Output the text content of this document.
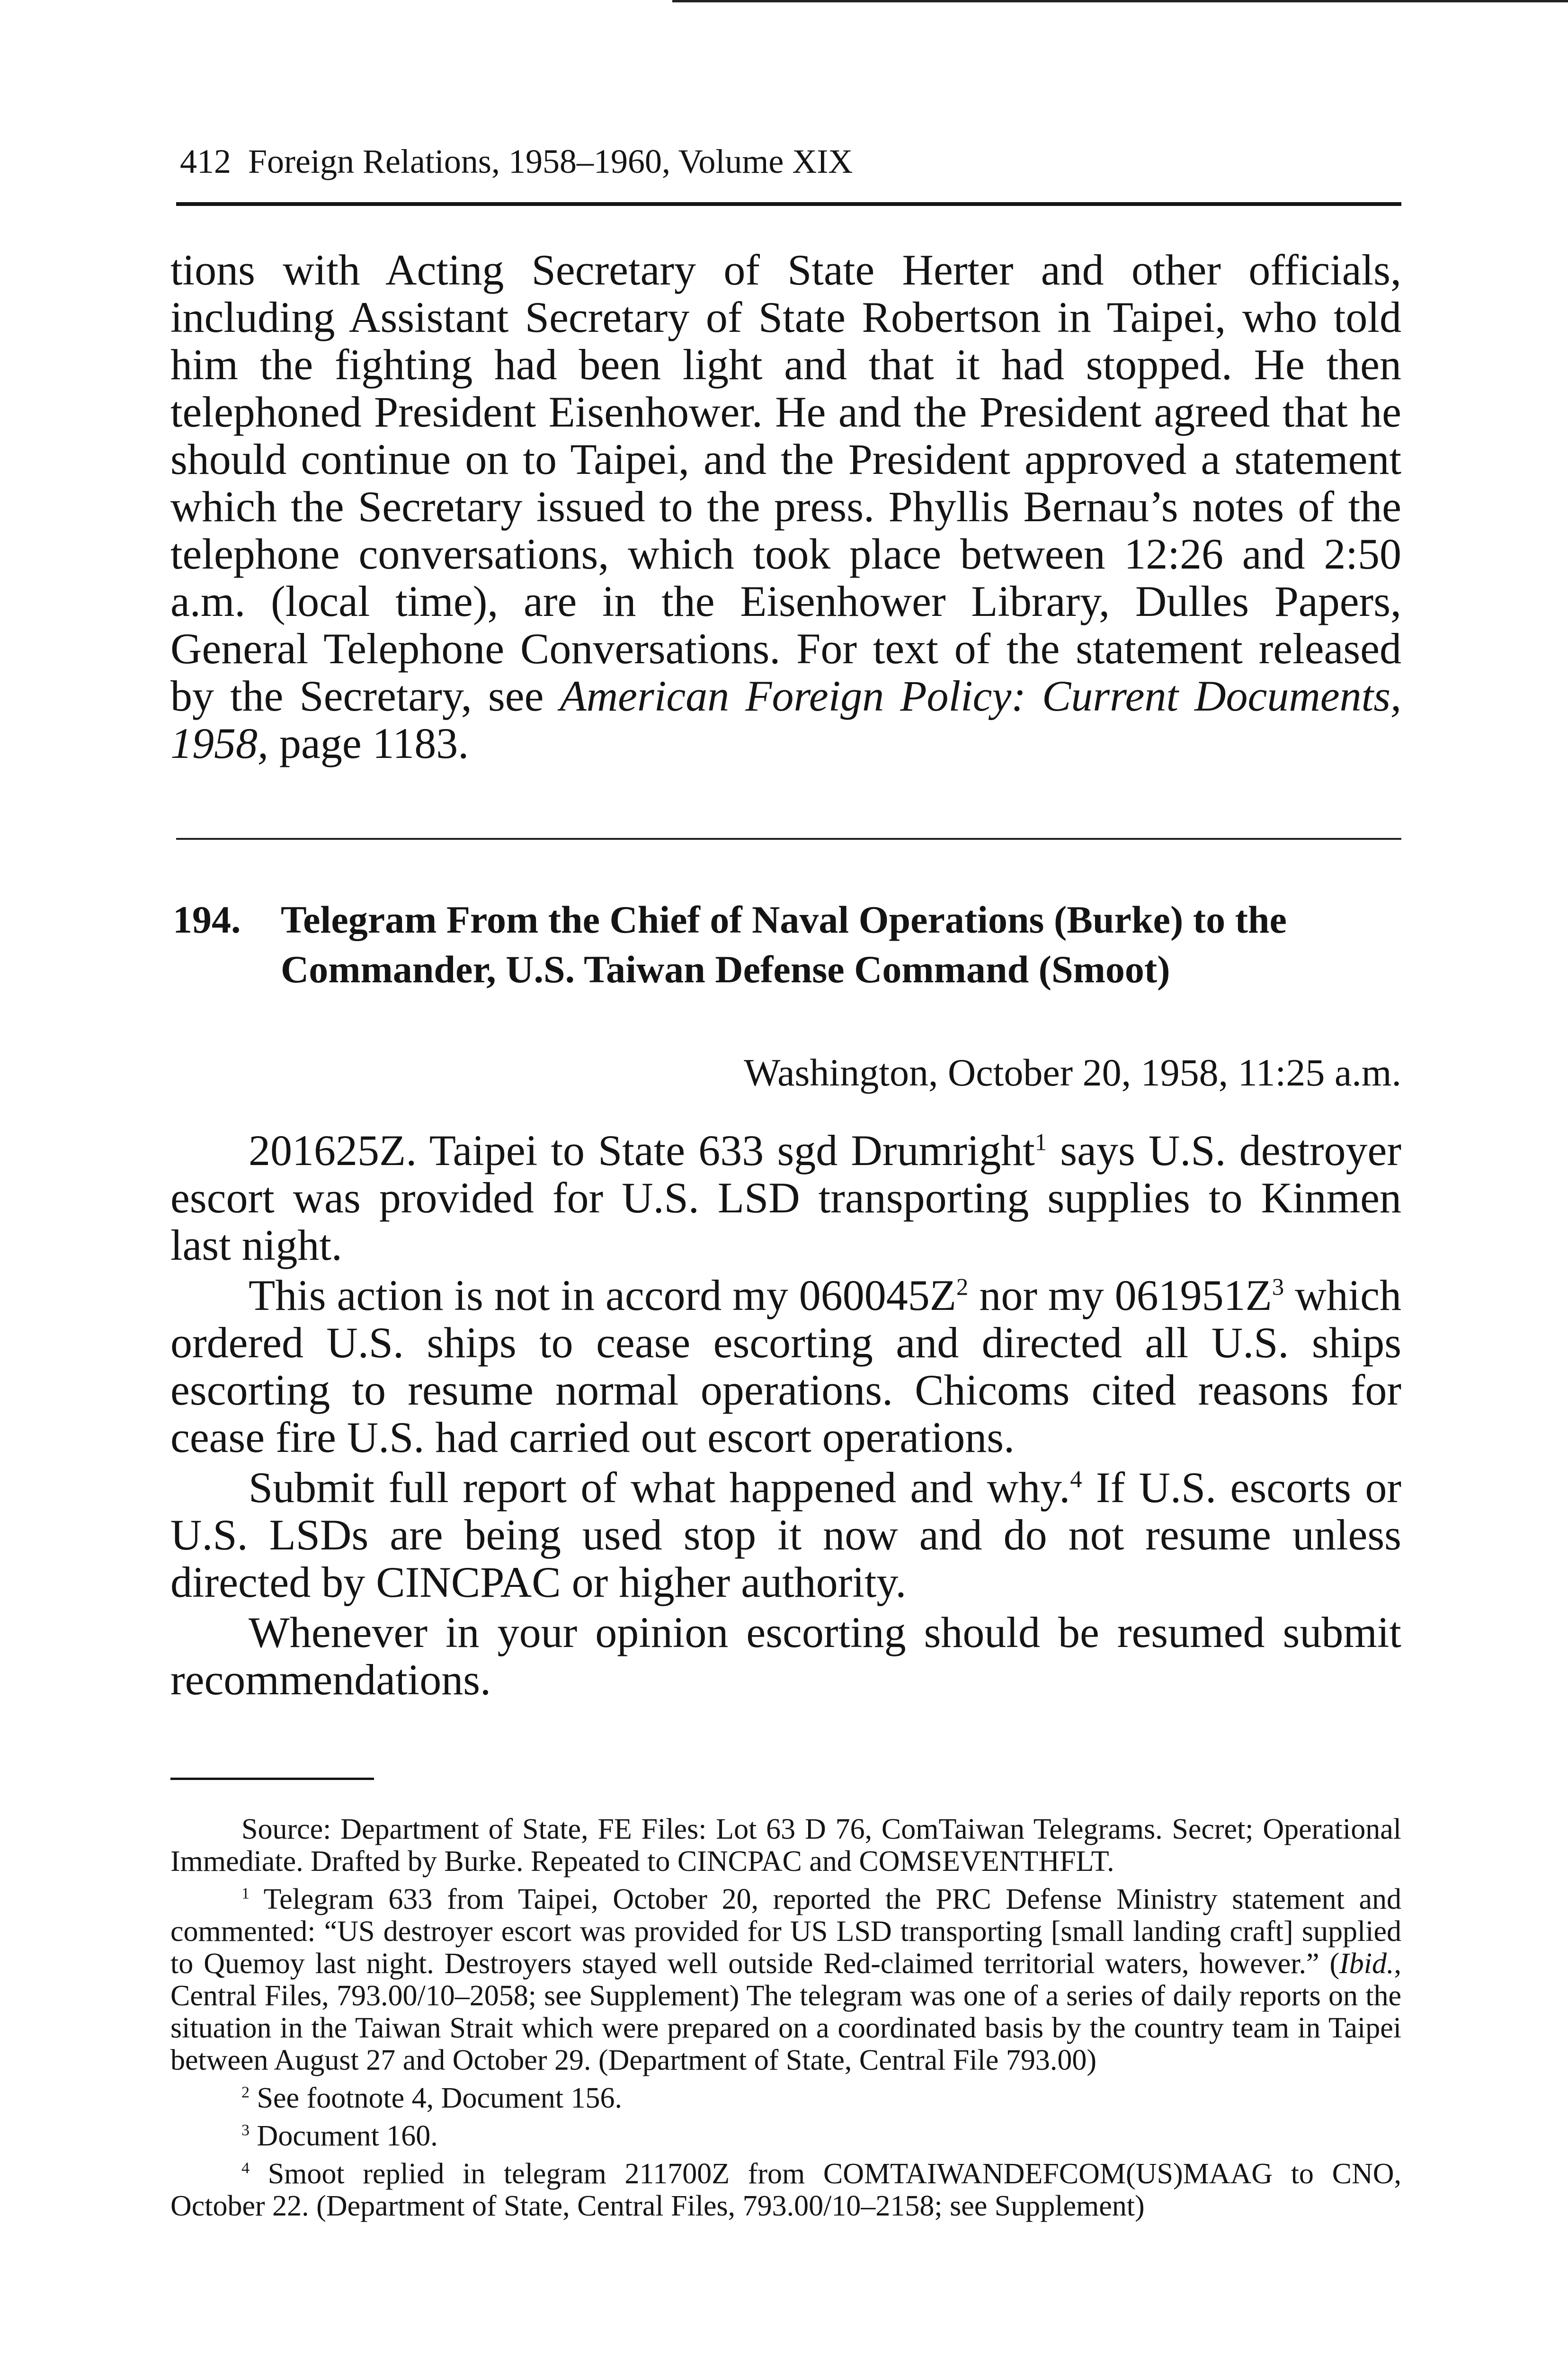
412 Foreign Relations, 1958–1960, Volume XIX

tions with Acting Secretary of State Herter and other officials, including Assistant Secretary of State Robertson in Taipei, who told him the fighting had been light and that it had stopped. He then telephoned President Eisenhower. He and the President agreed that he should continue on to Taipei, and the President approved a statement which the Secretary issued to the press. Phyllis Bernau’s notes of the telephone conversations, which took place between 12:26 and 2:50 a.m. (local time), are in the Eisenhower Library, Dulles Papers, General Telephone Conversations. For text of the statement released by the Secretary, see American Foreign Policy: Current Documents, 1958, page 1183.

194. Telegram From the Chief of Naval Operations (Burke) to the Commander, U.S. Taiwan Defense Command (Smoot)

Washington, October 20, 1958, 11:25 a.m.

201625Z. Taipei to State 633 sgd Drumright$^1$ says U.S. destroyer escort was provided for U.S. LSD transporting supplies to Kinmen last night.

This action is not in accord my $060045Z^2$ nor my $061951Z^3$ which ordered U.S. ships to cease escorting and directed all U.S. ships escorting to resume normal operations. Chicoms cited reasons for cease fire U.S. had carried out escort operations.

Submit full report of what happened and why.$^4$ If U.S. escorts or U.S. LSDs are being used stop it now and do not resume unless directed by CINCPAC or higher authority.

Whenever in your opinion escorting should be resumed submit recommendations.

Source: Department of State, FE Files: Lot 63 D 76, ComTaiwan Telegrams. Secret; Operational Immediate. Drafted by Burke. Repeated to CINCPAC and COMSEVENTHFLT.

$^1$ Telegram 633 from Taipei, October 20, reported the PRC Defense Ministry statement and commented: “US destroyer escort was provided for US LSD transporting [small landing craft] supplied to Quemoy last night. Destroyers stayed well outside Red-claimed territorial waters, however.” (Ibid., Central Files, 793.00/10–2058; see Supplement) The telegram was one of a series of daily reports on the situation in the Taiwan Strait which were prepared on a coordinated basis by the country team in Taipei between August 27 and October 29. (Department of State, Central File 793.00)

$^2$ See footnote 4, Document 156.

$^3$ Document 160.

$^4$ Smoot replied in telegram 211700Z from COMTAIWANDEFCOM(US)MAAG to CNO, October 22. (Department of State, Central Files, 793.00/10–2158; see Supplement)
